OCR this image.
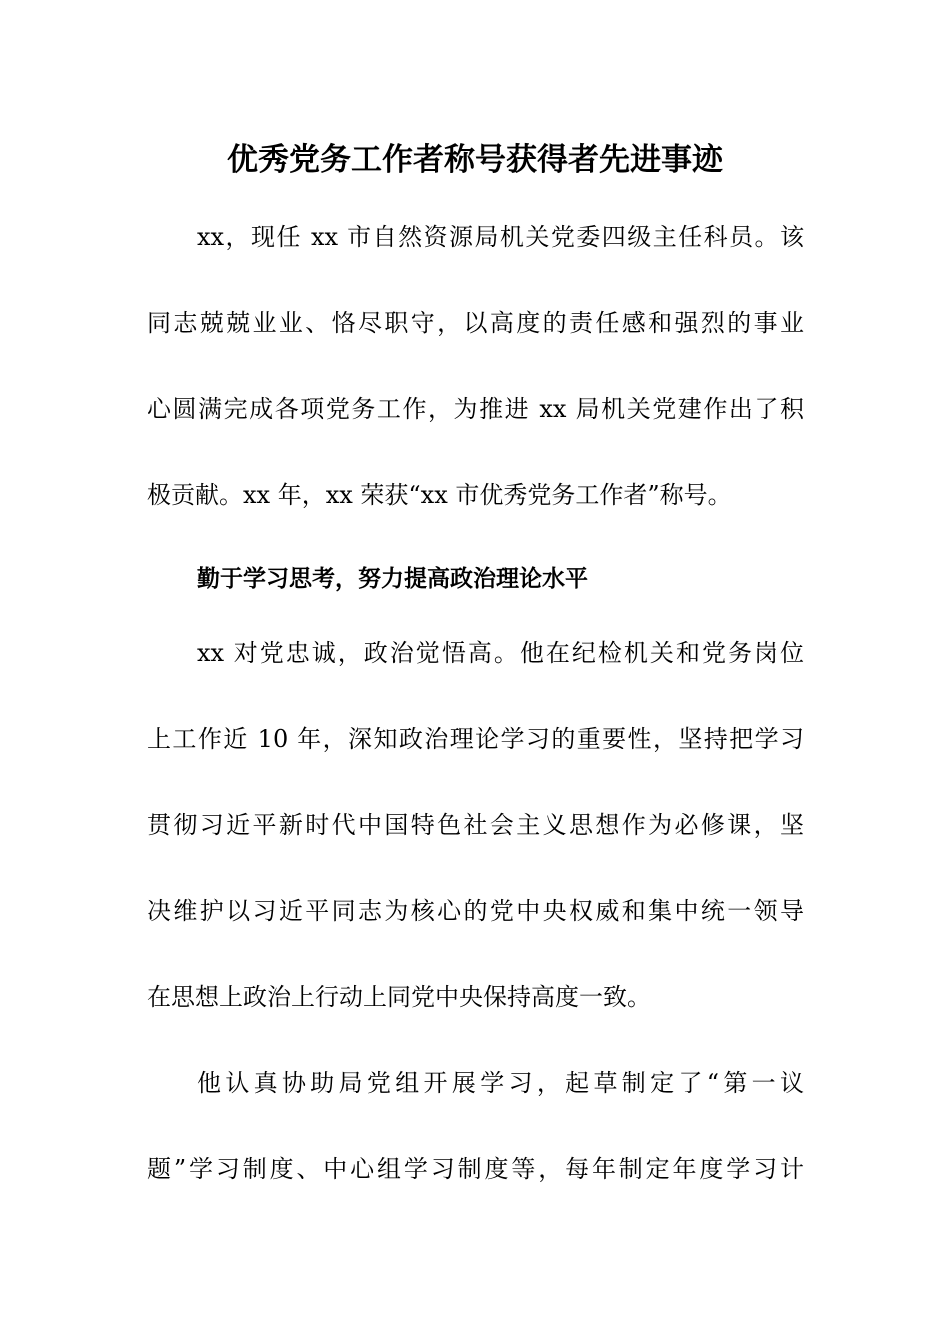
优秀党务工作者称号获得者先进事迹
xx，现任 xx 市自然资源局机关党委四级主任科员。该
同志兢兢业业、恪尽职守，以高度的责任感和强烈的事业
心圆满完成各项党务工作，为推进 xx 局机关党建作出了积
极贡献。xx 年，xx 荣获“xx 市优秀党务工作者”称号。
勤于学习思考，努力提高政治理论水平
xx 对党忠诚，政治觉悟高。他在纪检机关和党务岗位
上工作近 10 年，深知政治理论学习的重要性，坚持把学习
贯彻习近平新时代中国特色社会主义思想作为必修课，坚
决维护以习近平同志为核心的党中央权威和集中统一领导
在思想上政治上行动上同党中央保持高度一致。
他认真协助局党组开展学习，起草制定了“第一议
题”学习制度、中心组学习制度等，每年制定年度学习计
